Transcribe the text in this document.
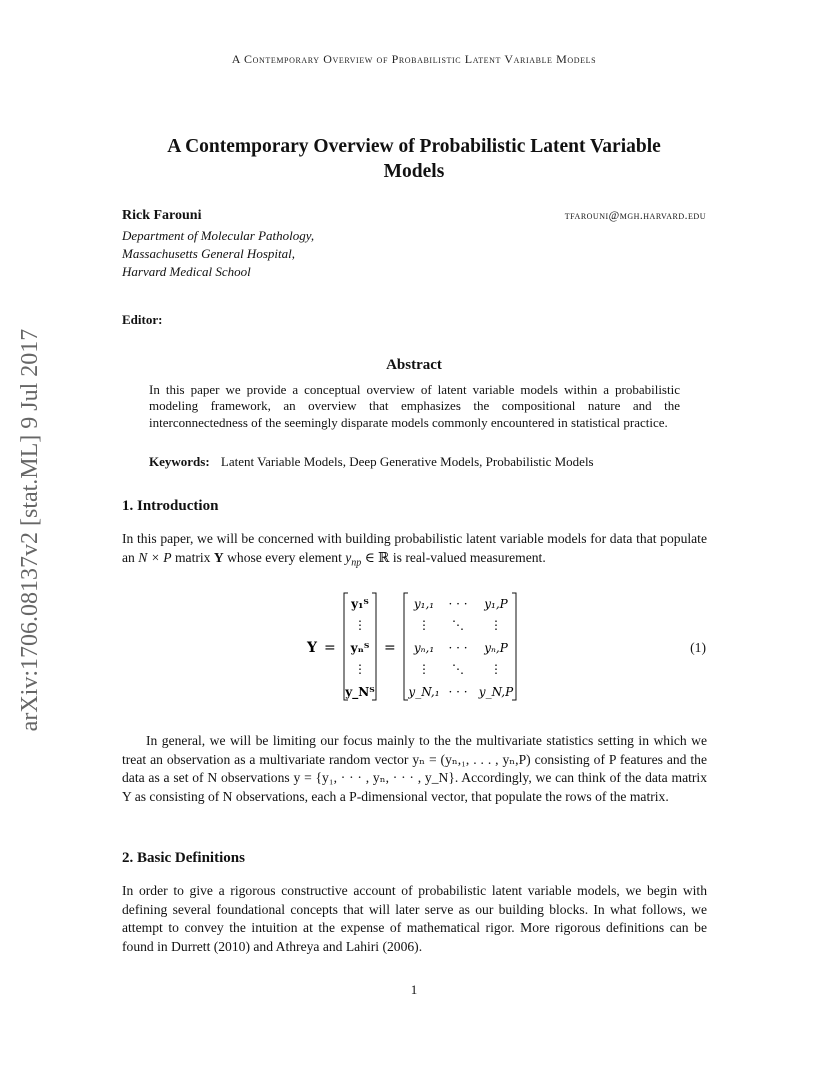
A Contemporary Overview of Probabilistic Latent Variable Models
A Contemporary Overview of Probabilistic Latent Variable
Models
Rick Farouni	tfarouni@mgh.harvard.edu
Department of Molecular Pathology,
Massachusetts General Hospital,
Harvard Medical School
Editor:
Abstract
In this paper we provide a conceptual overview of latent variable models within a probabilistic modeling framework, an overview that emphasizes the compositional nature and the interconnectedness of the seemingly disparate models commonly encountered in statistical practice.
Keywords: Latent Variable Models, Deep Generative Models, Probabilistic Models
1. Introduction
In this paper, we will be concerned with building probabilistic latent variable models for data that populate an N × P matrix Y whose every element $y_{np}$ ∈ ℝ is real-valued measurement.
Y =
y₁ᵀ
⋮
yₙᵀ
⋮
y_Nᵀ
=
y₁,₁ · · · y₁,P
⋮ ⋱ ⋮
yₙ,₁ · · · yₙ,P
⋮ ⋱ ⋮
y_N,₁ · · · y_N,P
(1)
In general, we will be limiting our focus mainly to the the multivariate statistics setting in which we treat an observation as a multivariate random vector yₙ = (yₙ,₁, . . . , yₙ,P) consisting of P features and the data as a set of N observations y = {y₁, · · · , yₙ, · · · , y_N}. Accordingly, we can think of the data matrix Y as consisting of N observations, each a P-dimensional vector, that populate the rows of the matrix.
2. Basic Definitions
In order to give a rigorous constructive account of probabilistic latent variable models, we begin with defining several foundational concepts that will later serve as our building blocks. In what follows, we attempt to convey the intuition at the expense of mathematical rigor. More rigorous definitions can be found in Durrett (2010) and Athreya and Lahiri (2006).
1
arXiv:1706.08137v2 [stat.ML] 9 Jul 2017
